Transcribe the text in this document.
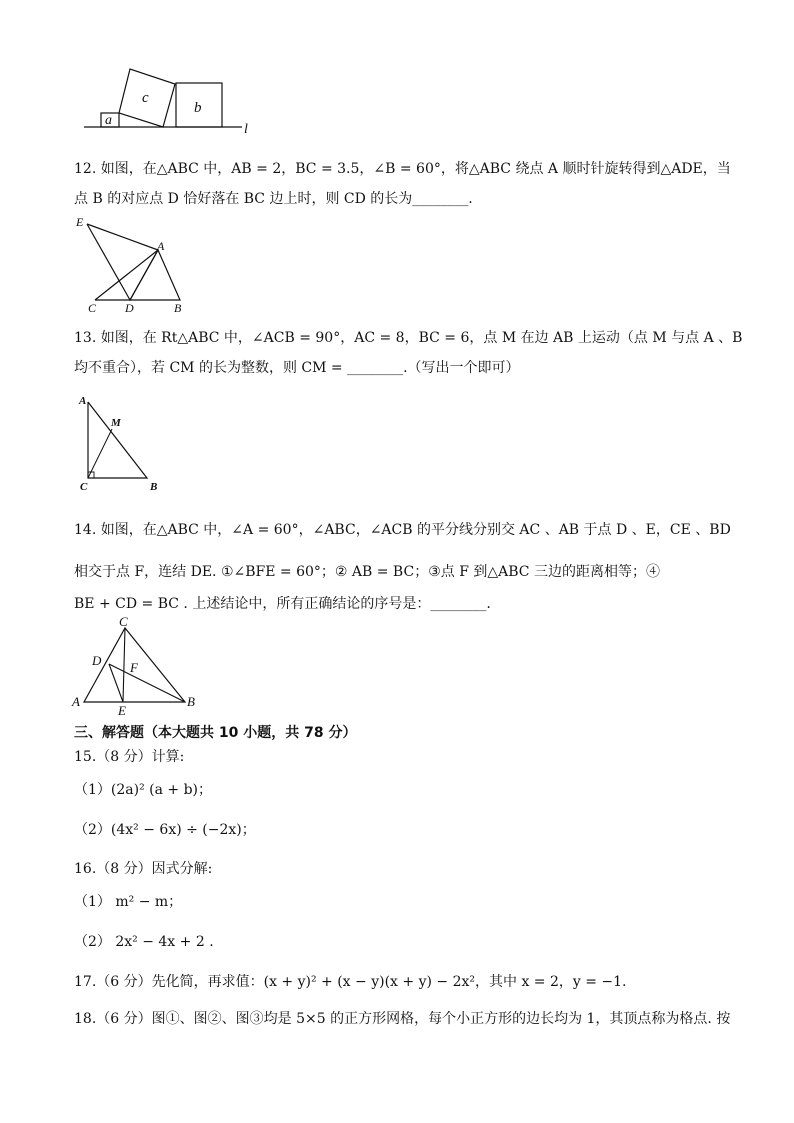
a
c
b
l
12. 如图，在△ABC 中，AB = 2，BC = 3.5，∠B = 60°，将△ABC 绕点 A 顺时针旋转得到△ADE，当
点 B 的对应点 D 恰好落在 BC 边上时，则 CD 的长为________.
E
A
C D	B
13. 如图，在 Rt△ABC 中，∠ACB = 90°，AC = 8，BC = 6，点 M 在边 AB 上运动（点 M 与点 A 、B
均不重合），若 CM 的长为整数，则 CM = ________.（写出一个即可）
A
M
C	B
14. 如图，在△ABC 中，∠A = 60°，∠ABC，∠ACB 的平分线分别交 AC 、AB 于点 D 、E，CE 、BD
相交于点 F，连结 DE. ①∠BFE = 60°；② AB = BC；③点 F 到△ABC 三边的距离相等；④
BE + CD = BC . 上述结论中，所有正确结论的序号是：________.
C
D F
A
E
B
三、解答题（本大题共 10 小题，共 78 分）
15.（8 分）计算:
（1）(2a)² (a + b)；
（2）(4x² − 6x) ÷ (−2x)；
16.（8 分）因式分解:
（1） m² − m；
（2） 2x² − 4x + 2 .
17.（6 分）先化简，再求值：(x + y)² + (x − y)(x + y) − 2x²，其中 x = 2，y = −1.
18.（6 分）图①、图②、图③均是 5×5 的正方形网格，每个小正方形的边长均为 1，其顶点称为格点. 按
